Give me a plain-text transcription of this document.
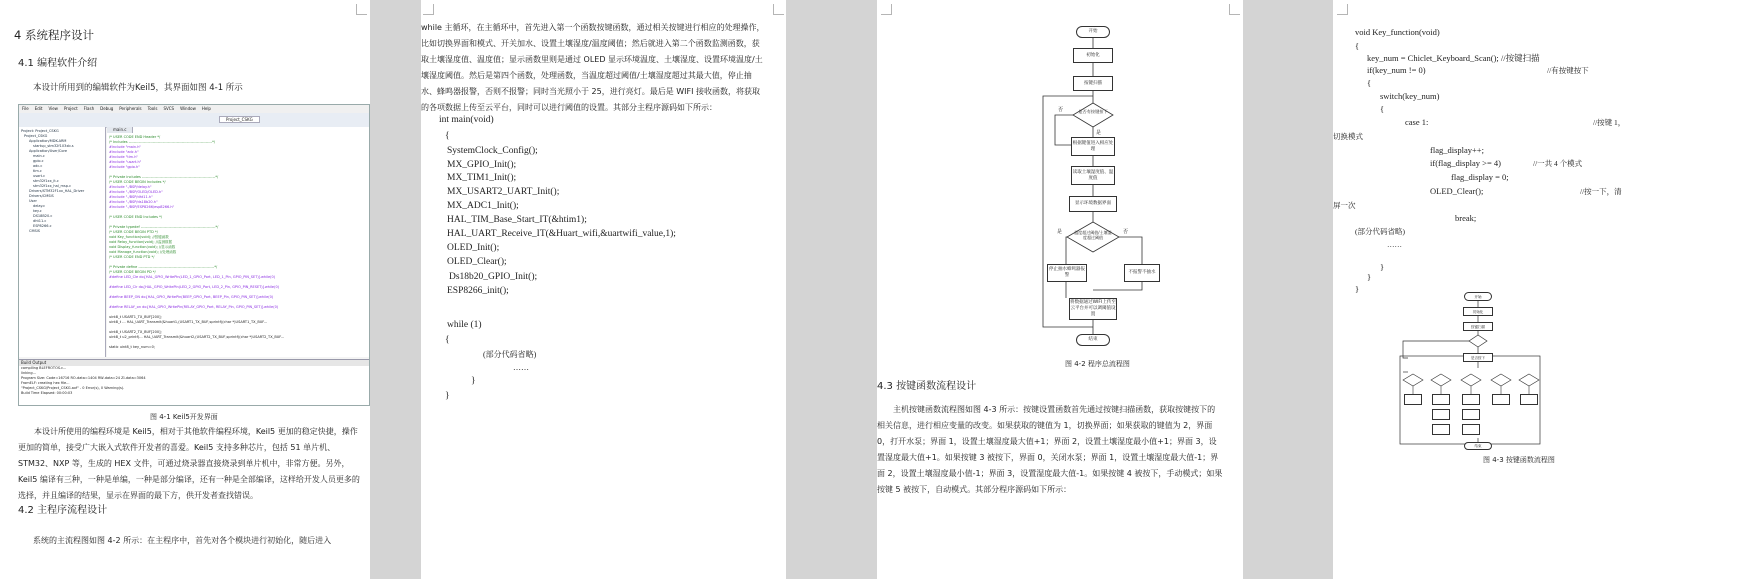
4 系统程序设计
4.1 编程软件介绍
本设计所用到的编辑软件为Keil5，其界面如图 4-1 所示
File Edit View Project Flash Debug Peripherals Tools SVCS Window Help
Project_CSKG
Project: Project_CSKG
Project_CSKG
Application/MDK-ARM
startup_stm32f103xb.s
Application/User/Core
main.c
gpio.c
adc.c
tim.c
usart.c
stm32f1xx_it.c
stm32f1xx_hal_msp.c
Drivers/STM32F1xx_HAL_Driver
Drivers/CMSIS
User
delay.c
key.c
DS18B20.c
dht11.c
ESP8266.c
CMSIS
main.c
/* USER CODE END Header */
/* Includes ------------------------------------------------------------------*/
#include "main.h"
#include "adc.h"
#include "tim.h"
#include "usart.h"
#include "gpio.h"
/* Private includes ----------------------------------------------------------*/
/* USER CODE BEGIN Includes */
#include "./BSP/delay.h"
#include "./BSP/OLED/OLED.h"
#include "./BSP/dht11.h"
#include "./BSP/ds18b20.h"
#include "./BSP/ESP8266/esp8266.h"
/* USER CODE END Includes */
/* Private typedef -----------------------------------------------------------*/
/* USER CODE BEGIN PTD */
void Key_function(void); //按键函数
void Relay_function(void); //监测数据
void Display_function(void); //显示函数
void Manage_function(void); //处理函数
/* USER CODE END PTD */
/* Private define ------------------------------------------------------------*/
/* USER CODE BEGIN PD */
#define LED_Cle do{HAL_GPIO_WritePin(LED_1_GPIO_Port, LED_1_Pin, GPIO_PIN_SET)}while(0)
#define LED_Clr do{HAL_GPIO_WritePin(LED_2_GPIO_Port, LED_2_Pin, GPIO_PIN_RESET)}while(0)
#define BEEP_ON do{HAL_GPIO_WritePin(BEEP_GPIO_Port, BEEP_Pin, GPIO_PIN_SET)}while(0)
#define RELAY_on do{HAL_GPIO_WritePin(RELAY_GPIO_Port, RELAY_Pin, GPIO_PIN_SET)}while(0)
uint8_t USART1_TX_BUF[200];
uint8_t ... HAL_UART_Transmit(&huart1,(USART1_TX_BUF,sprintf((char *)USART1_TX_BUF...
uint8_t USART2_TX_BUF[200];
uint8_t u2_printf(... HAL_UART_Transmit(&huart2,(USART2_TX_BUF,sprintf((char *)USART2_TX_BUF...
static uint8_t key_num=0;
Build Output
compiling BLEFROTOS.c...
linking...
Program Size: Code=16716 RO-data=1404 RW-data=24 ZI-data=3064
FromELF: creating hex file...
"Project_CSKG\Project_CSKG.axf" - 0 Error(s), 0 Warning(s).
Build Time Elapsed: 00:00:03
图 4-1 Keil5开发界面
本设计所使用的编程环境是 Keil5，相对于其他软件编程环境，Keil5 更加的稳定快捷，操作更加的简单，接受广大嵌入式软件开发者的喜爱。Keil5 支持多种芯片，包括 51 单片机、STM32、NXP 等，生成的 HEX 文件，可通过烧录器直接烧录到单片机中，非常方便。另外，Keil5 编译有三种，一种是单编，一种是部分编译，还有一种是全部编译，这样给开发人员更多的选择，并且编译的结果，显示在界面的最下方，供开发者查找错误。
4.2 主程序流程设计
系统的主流程图如图 4-2 所示：在主程序中，首先对各个模块进行初始化，随后进入
while 主循环，在主循环中，首先进入第一个函数按键函数，通过相关按键进行相应的处理操作，比如切换界面和模式、开关加水、设置土壤湿度/温度阈值；然后就进入第二个函数监测函数，获取土壤湿度值、温度值；显示函数里则是通过 OLED 显示环境温度、土壤湿度、设置环境温度/土壤湿度阈值。然后是第四个函数，处理函数，当温度超过阈值/土壤湿度超过其最大值，停止抽水、蜂鸣器报警，否则不报警；同时当光照小于 25，进行亮灯。最后是 WIFI 接收函数，将获取的各项数据上传至云平台，同时可以进行阈值的设置。其部分主程序源码如下所示：
int main(void)
{
SystemClock_Config();
MX_GPIO_Init();
MX_TIM1_Init();
MX_USART2_UART_Init();
MX_ADC1_Init();
HAL_TIM_Base_Start_IT(&htim1);
HAL_UART_Receive_IT(&Huart_wifi,&uartwifi_value,1);
OLED_Init();
OLED_Clear();
Ds18b20_GPIO_Init();
ESP8266_init();
while (1)
{
(部分代码省略)
……
}
}
否
是
否
是
开始
初始化
按键扫描
是否有按键按下
根据键值进入相应处理
读取土壤湿度值、温度值
显示环境数据界面
温度超过阈值/土壤湿度超过阈值
停止抽水蜂鸣器报警
不报警不抽水
将数据通过WIFI上传至云平台并可以调阈值设置
结束
图 4-2 程序总流程图
4.3 按键函数流程设计
主机按键函数流程图如图 4-3 所示：按键设置函数首先通过按键扫描函数，获取按键按下的相关信息，进行相应变量的改变。如果获取的键值为 1，切换界面；如果获取的键值为 2，界面 0，打开水泵；界面 1，设置土壤湿度最大值+1；界面 2，设置土壤湿度最小值+1；界面 3，设置湿度最大值+1。如果按键 3 被按下，界面 0，关闭水泵；界面 1，设置土壤湿度最大值-1；界面 2，设置土壤湿度最小值-1；界面 3，设置湿度最大值-1。如果按键 4 被按下，手动模式；如果按键 5 被按下，自动模式。其部分程序源码如下所示：
void Key_function(void)
{
key_num = Chiclet_Keyboard_Scan(); //按键扫描
if(key_num != 0)	//有按键按下
{
switch(key_num)
{
case 1:	//按键 1，
切换模式
flag_display++;
if(flag_display >= 4)	//一共 4 个模式
flag_display = 0;
OLED_Clear();	//按一下，清
屏一次
break;
(部分代码省略)
……
}
}
}
开始
初始化
按键扫描
是否按下
结束
图 4-3 按键函数流程图
